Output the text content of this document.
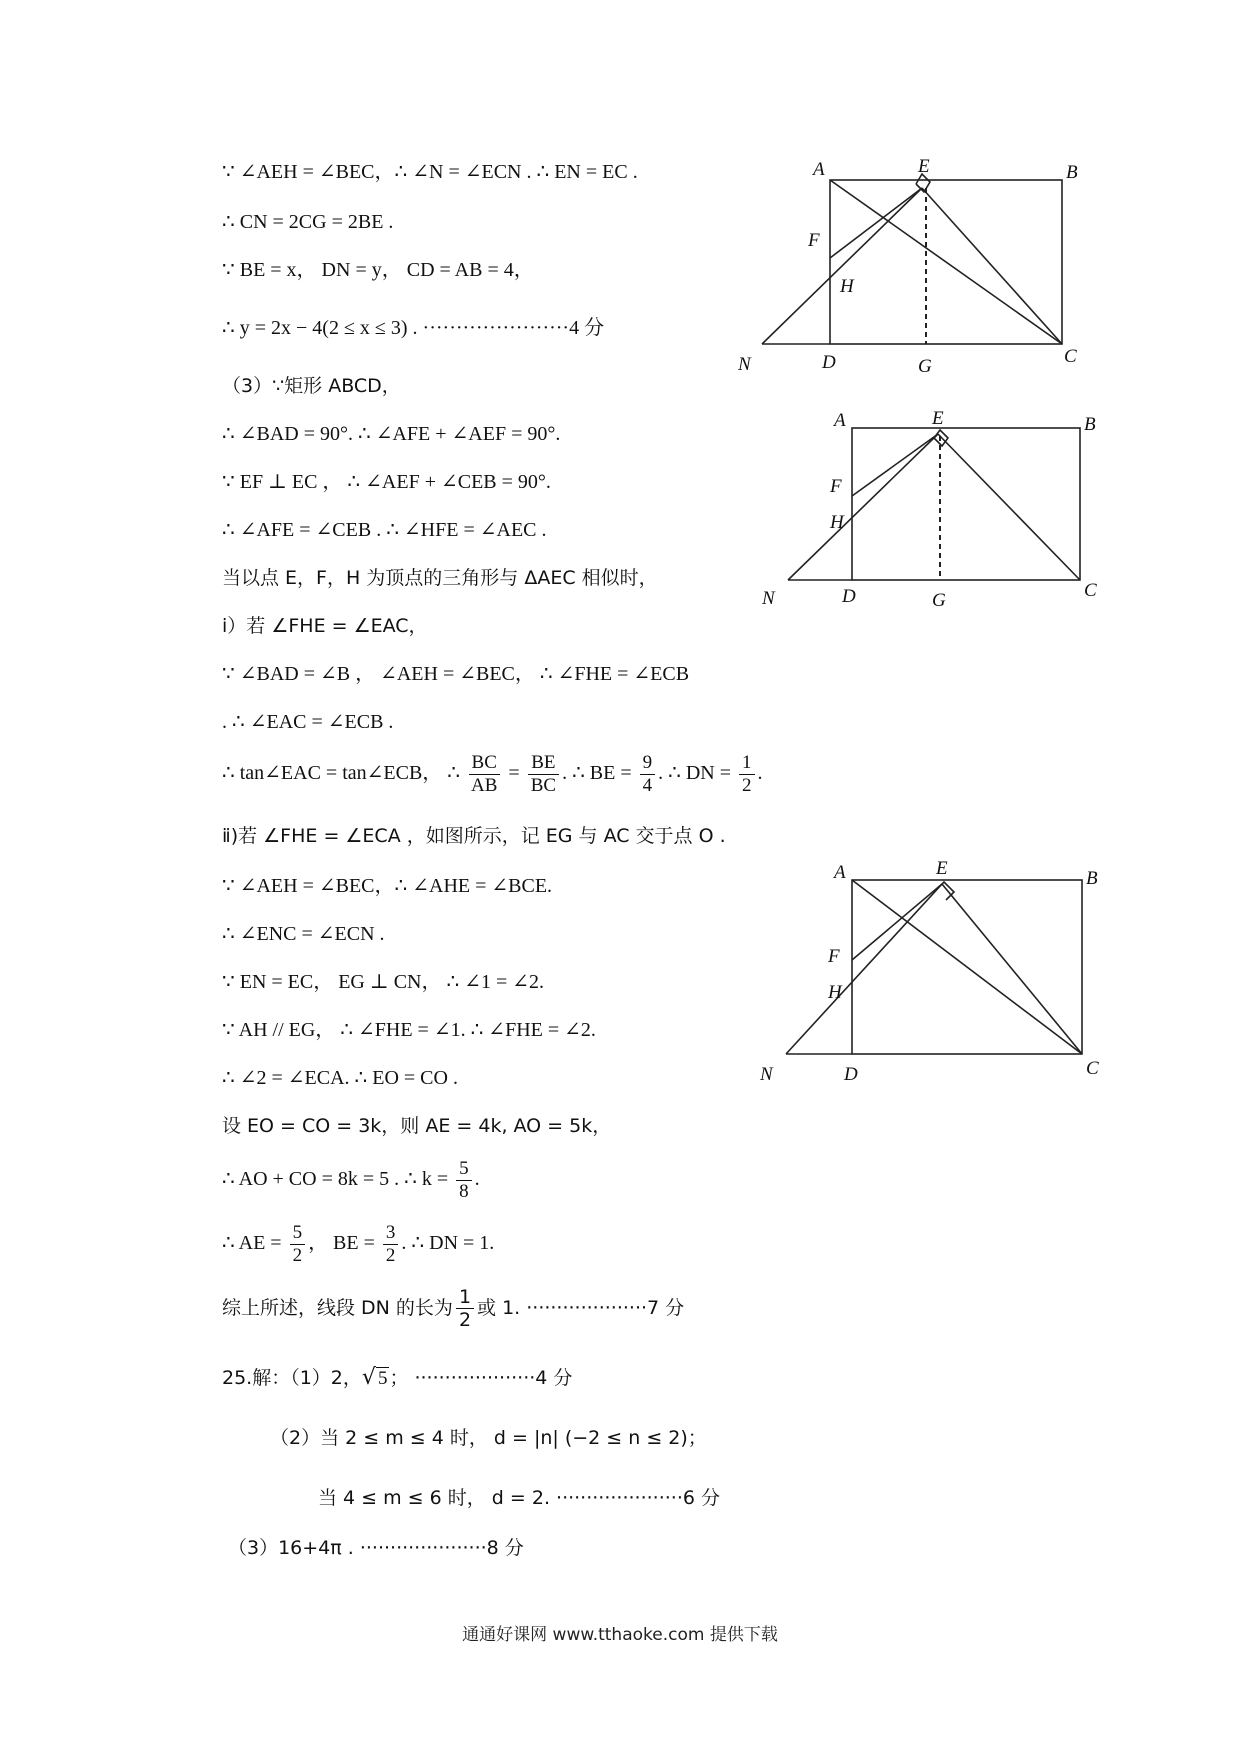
∵ ∠AEH = ∠BEC，∴ ∠N = ∠ECN . ∴ EN = EC .
∴ CN = 2CG = 2BE .
∵ BE = x， DN = y， CD = AB = 4，
∴ y = 2x − 4(2 ≤ x ≤ 3) . ······················4 分
（3）∵矩形 ABCD，
∴ ∠BAD = 90°. ∴ ∠AFE + ∠AEF = 90°.
∵ EF ⊥ EC ， ∴ ∠AEF + ∠CEB = 90°.
∴ ∠AFE = ∠CEB . ∴ ∠HFE = ∠AEC .
当以点 E，F，H 为顶点的三角形与 ΔAEC 相似时，
ⅰ）若 ∠FHE = ∠EAC，
∵ ∠BAD = ∠B ， ∠AEH = ∠BEC， ∴ ∠FHE = ∠ECB
. ∴ ∠EAC = ∠ECB .
∴ tan∠EAC = tan∠ECB， ∴ $\frac{BC}{AB} = \frac{BE}{BC}$ . ∴ BE = $\frac{9}{4}$ . ∴ DN = $\frac{1}{2}$ .
ⅱ)若 ∠FHE = ∠ECA ，如图所示，记 EG 与 AC 交于点 O .
∵ ∠AEH = ∠BEC，∴ ∠AHE = ∠BCE.
∴ ∠ENC = ∠ECN .
∵ EN = EC， EG ⊥ CN， ∴ ∠1 = ∠2.
∵ AH // EG， ∴ ∠FHE = ∠1. ∴ ∠FHE = ∠2.
∴ ∠2 = ∠ECA. ∴ EO = CO .
设 EO = CO = 3k，则 AE = 4k, AO = 5k，
∴ AO + CO = 8k = 5 . ∴ $k = \frac{5}{8}$ .
∴ AE = $\frac{5}{2}$ ， BE = $\frac{3}{2}$ . ∴ DN = 1.
综上所述，线段 DN 的长为 $\frac{1}{2}$ 或 1. ····················7 分
25.解：（1）2，√ 5 ； ····················4 分
（2）当 2 ≤ m ≤ 4 时， d = |n| (−2 ≤ n ≤ 2)；
当 4 ≤ m ≤ 6 时， d = 2. ·····················6 分
（3）16+4π . ·····················8 分
A	E	B
F
H
N	D	G	C
A	E	B
F
H
N	D	G	C
A	E	B
F
H
N	D	C
通通好课网 www.tthaoke.com 提供下载
